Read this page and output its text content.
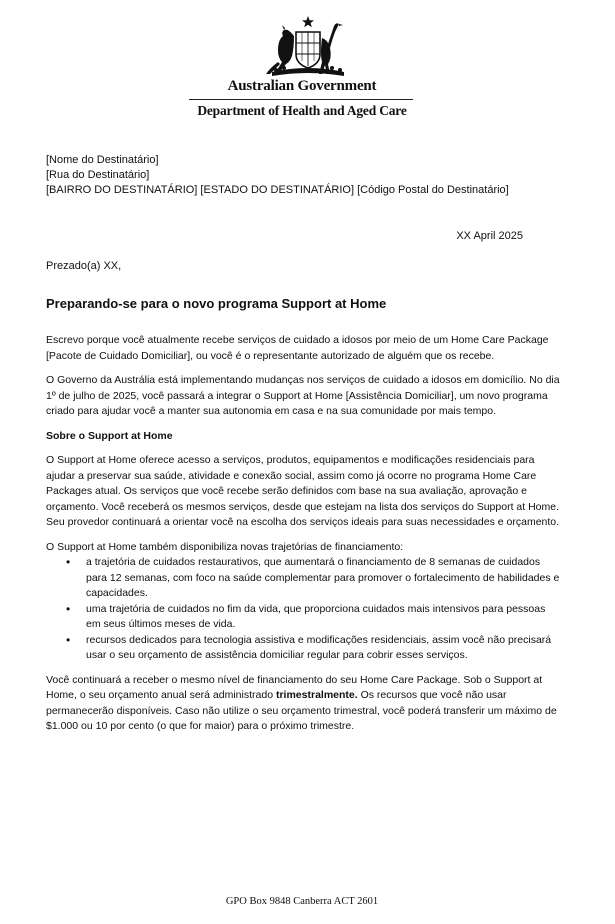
Australian Government
Department of Health and Aged Care
[Nome do Destinatário]
[Rua do Destinatário]
[BAIRRO DO DESTINATÁRIO] [ESTADO DO DESTINATÁRIO] [Código Postal do Destinatário]
XX April 2025
Prezado(a) XX,
Preparando-se para o novo programa Support at Home

Escrevo porque você atualmente recebe serviços de cuidado a idosos por meio de um Home Care Package [Pacote de Cuidado Domiciliar], ou você é o representante autorizado de alguém que os recebe.

O Governo da Austrália está implementando mudanças nos serviços de cuidado a idosos em domicílio. No dia 1º de julho de 2025, você passará a integrar o Support at Home [Assistência Domiciliar], um novo programa criado para ajudar você a manter sua autonomia em casa e na sua comunidade por mais tempo.

Sobre o Support at Home

O Support at Home oferece acesso a serviços, produtos, equipamentos e modificações residenciais para ajudar a preservar sua saúde, atividade e conexão social, assim como já ocorre no programa Home Care Packages atual. Os serviços que você recebe serão definidos com base na sua avaliação, aprovação e orçamento. Você receberá os mesmos serviços, desde que estejam na lista dos serviços do Support at Home. Seu provedor continuará a orientar você na escolha dos serviços ideais para suas necessidades e orçamento.

O Support at Home também disponibiliza novas trajetórias de financiamento:

• a trajetória de cuidados restaurativos, que aumentará o financiamento de 8 semanas de cuidados para 12 semanas, com foco na saúde complementar para promover o fortalecimento de habilidades e capacidades.
• uma trajetória de cuidados no fim da vida, que proporciona cuidados mais intensivos para pessoas em seus últimos meses de vida.
• recursos dedicados para tecnologia assistiva e modificações residenciais, assim você não precisará usar o seu orçamento de assistência domiciliar regular para cobrir esses serviços.

Você continuará a receber o mesmo nível de financiamento do seu Home Care Package. Sob o Support at Home, o seu orçamento anual será administrado trimestralmente. Os recursos que você não usar permanecerão disponíveis. Caso não utilize o seu orçamento trimestral, você poderá transferir um máximo de $1.000 ou 10 por cento (o que for maior) para o próximo trimestre.

GPO Box 9848 Canberra ACT 2601
